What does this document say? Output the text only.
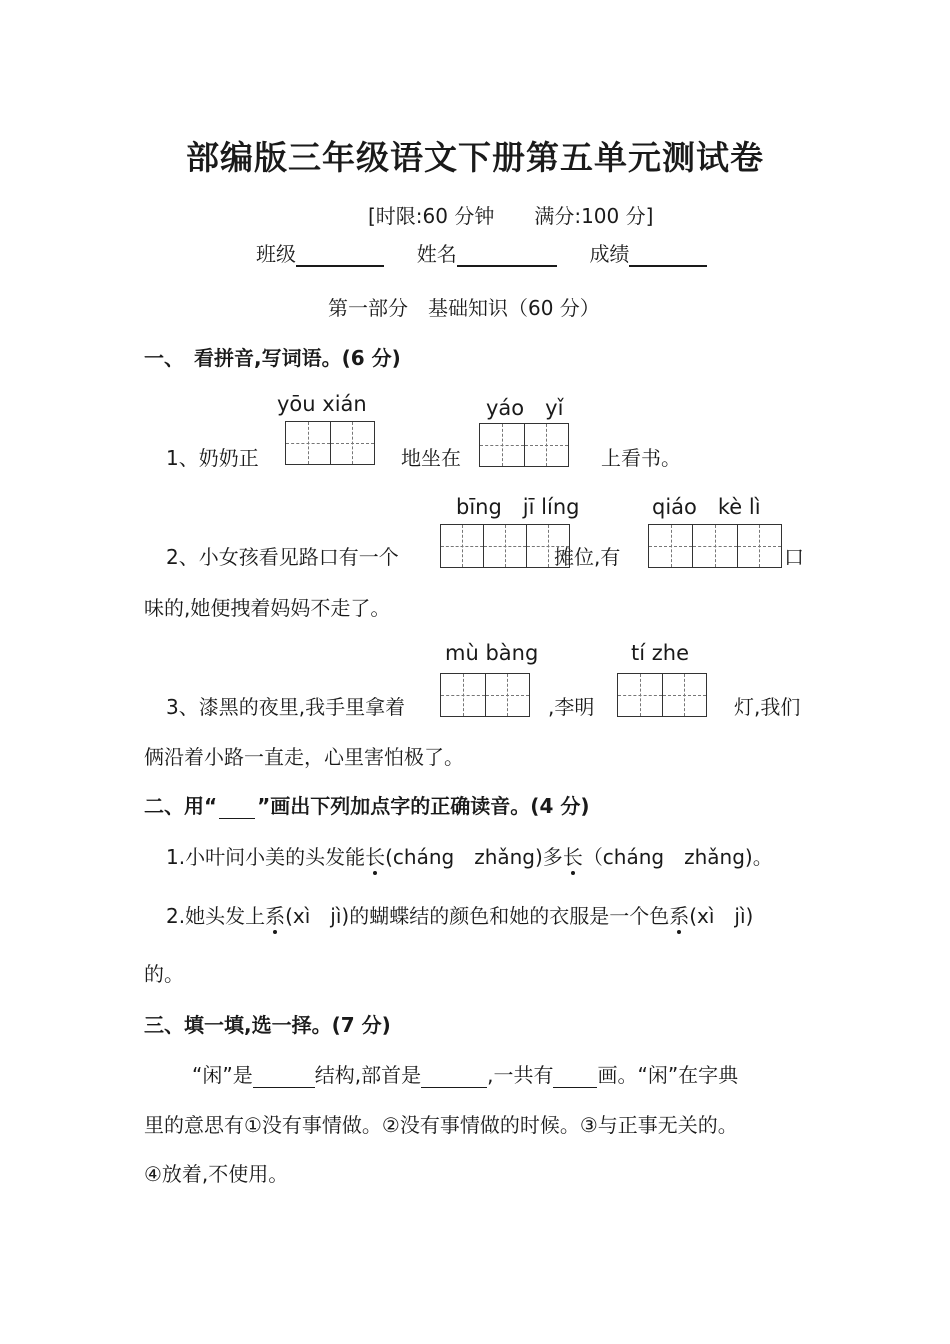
部编版三年级语文下册第五单元测试卷
[时限:60 分钟　　满分:100 分]
班级	姓名	成绩
第一部分　基础知识（60 分）
一、　看拼音,写词语。(6 分)
yōu xián	yáo　yǐ
1、奶奶正	地坐在	上看书。
bīng　jī líng	qiáo　kè lì
2、小女孩看见路口有一个	摊位,有	口
味的,她便拽着妈妈不走了。
mù bàng	tí zhe
3、漆黑的夜里,我手里拿着	,李明	灯,我们
俩沿着小路一直走，心里害怕极了。
二、用“ ”画出下列加点字的正确读音。(4 分)
1.小叶问小美的头发能长(cháng　zhǎng)多长（cháng　zhǎng)。
2.她头发上系(xì　jì)的蝴蝶结的颜色和她的衣服是一个色系(xì　jì)
的。
三、填一填,选一择。(7 分)
“闲”是	结构,部首是	,一共有 画。“闲”在字典
里的意思有①没有事情做。②没有事情做的时候。③与正事无关的。
④放着,不使用。
